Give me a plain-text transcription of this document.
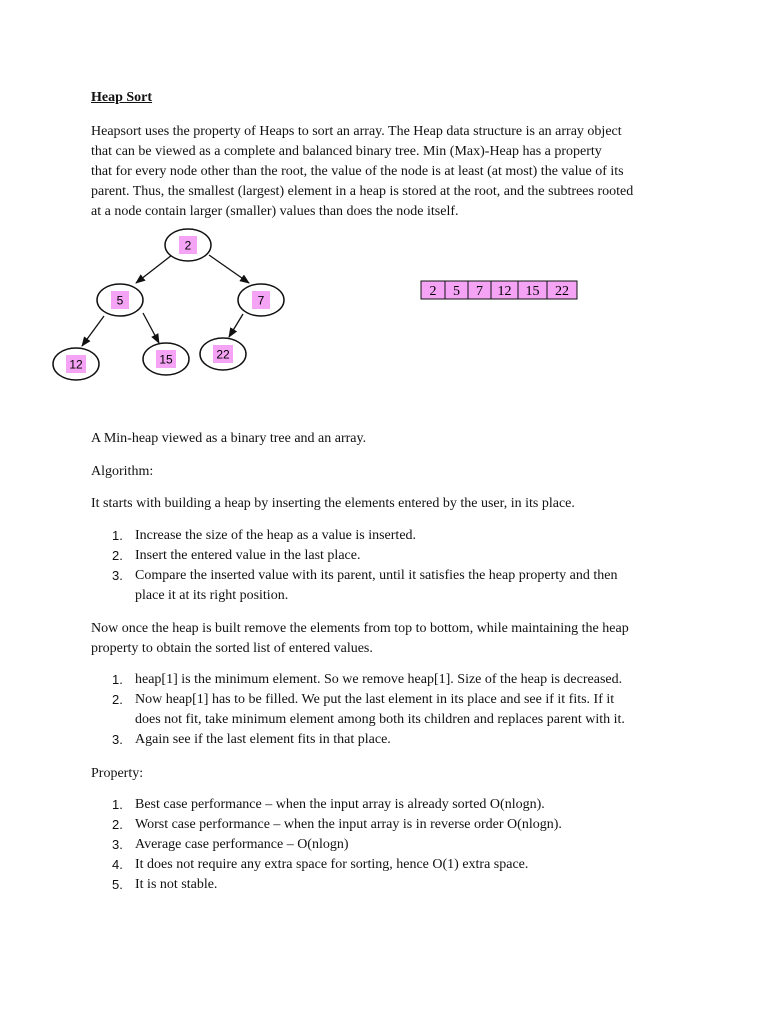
Heap Sort

Heapsort uses the property of Heaps to sort an array. The Heap data structure is an array object
that can be viewed as a complete and balanced binary tree. Min (Max)-Heap has a property
that for every node other than the root, the value of the node is at least (at most) the value of its
parent. Thus, the smallest (largest) element in a heap is stored at the root, and the subtrees rooted
at a node contain larger (smaller) values than does the node itself.

2
5	7
12	15	22
2 5 7 12 15 22

A Min-heap viewed as a binary tree and an array.

Algorithm:

It starts with building a heap by inserting the elements entered by the user, in its place.

1. Increase the size of the heap as a value is inserted.
2. Insert the entered value in the last place.
3. Compare the inserted value with its parent, until it satisfies the heap property and then
place it at its right position.

Now once the heap is built remove the elements from top to bottom, while maintaining the heap
property to obtain the sorted list of entered values.

1. heap[1] is the minimum element. So we remove heap[1]. Size of the heap is decreased.
2. Now heap[1] has to be filled. We put the last element in its place and see if it fits. If it
does not fit, take minimum element among both its children and replaces parent with it.
3. Again see if the last element fits in that place.

Property:

1. Best case performance – when the input array is already sorted O(nlogn).
2. Worst case performance – when the input array is in reverse order O(nlogn).
3. Average case performance – O(nlogn)
4. It does not require any extra space for sorting, hence O(1) extra space.
5. It is not stable.
